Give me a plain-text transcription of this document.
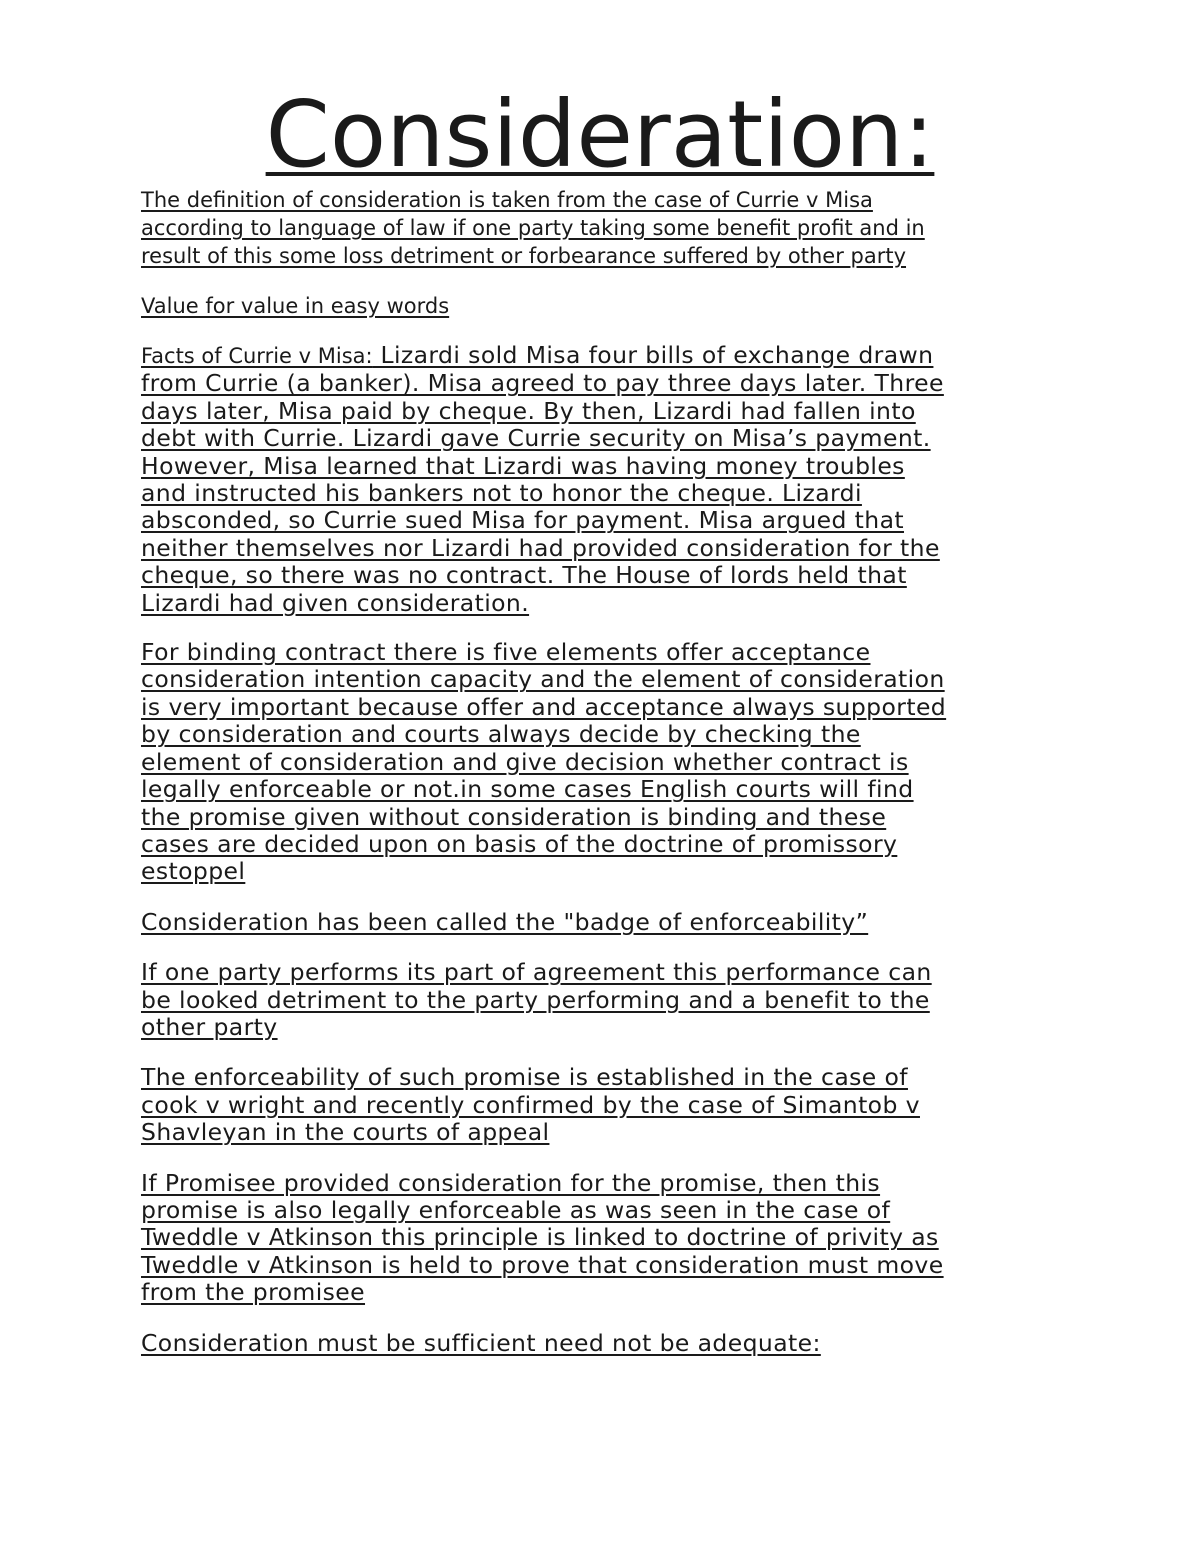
Consideration:

The definition of consideration is taken from the case of Currie v Misa
according to language of law if one party taking some benefit profit and in
result of this some loss detriment or forbearance suffered by other party

Value for value in easy words

Facts of Currie v Misa: Lizardi sold Misa four bills of exchange drawn
from Currie (a banker). Misa agreed to pay three days later. Three
days later, Misa paid by cheque. By then, Lizardi had fallen into
debt with Currie. Lizardi gave Currie security on Misa’s payment.
However, Misa learned that Lizardi was having money troubles
and instructed his bankers not to honor the cheque. Lizardi
absconded, so Currie sued Misa for payment. Misa argued that
neither themselves nor Lizardi had provided consideration for the
cheque, so there was no contract. The House of lords held that
Lizardi had given consideration.

For binding contract there is five elements offer acceptance
consideration intention capacity and the element of consideration
is very important because offer and acceptance always supported
by consideration and courts always decide by checking the
element of consideration and give decision whether contract is
legally enforceable or not.in some cases English courts will find
the promise given without consideration is binding and these
cases are decided upon on basis of the doctrine of promissory
estoppel

Consideration has been called the "badge of enforceability”

If one party performs its part of agreement this performance can
be looked detriment to the party performing and a benefit to the
other party

The enforceability of such promise is established in the case of
cook v wright and recently confirmed by the case of Simantob v
Shavleyan in the courts of appeal

If Promisee provided consideration for the promise, then this
promise is also legally enforceable as was seen in the case of
Tweddle v Atkinson this principle is linked to doctrine of privity as
Tweddle v Atkinson is held to prove that consideration must move
from the promisee

Consideration must be sufficient need not be adequate:
